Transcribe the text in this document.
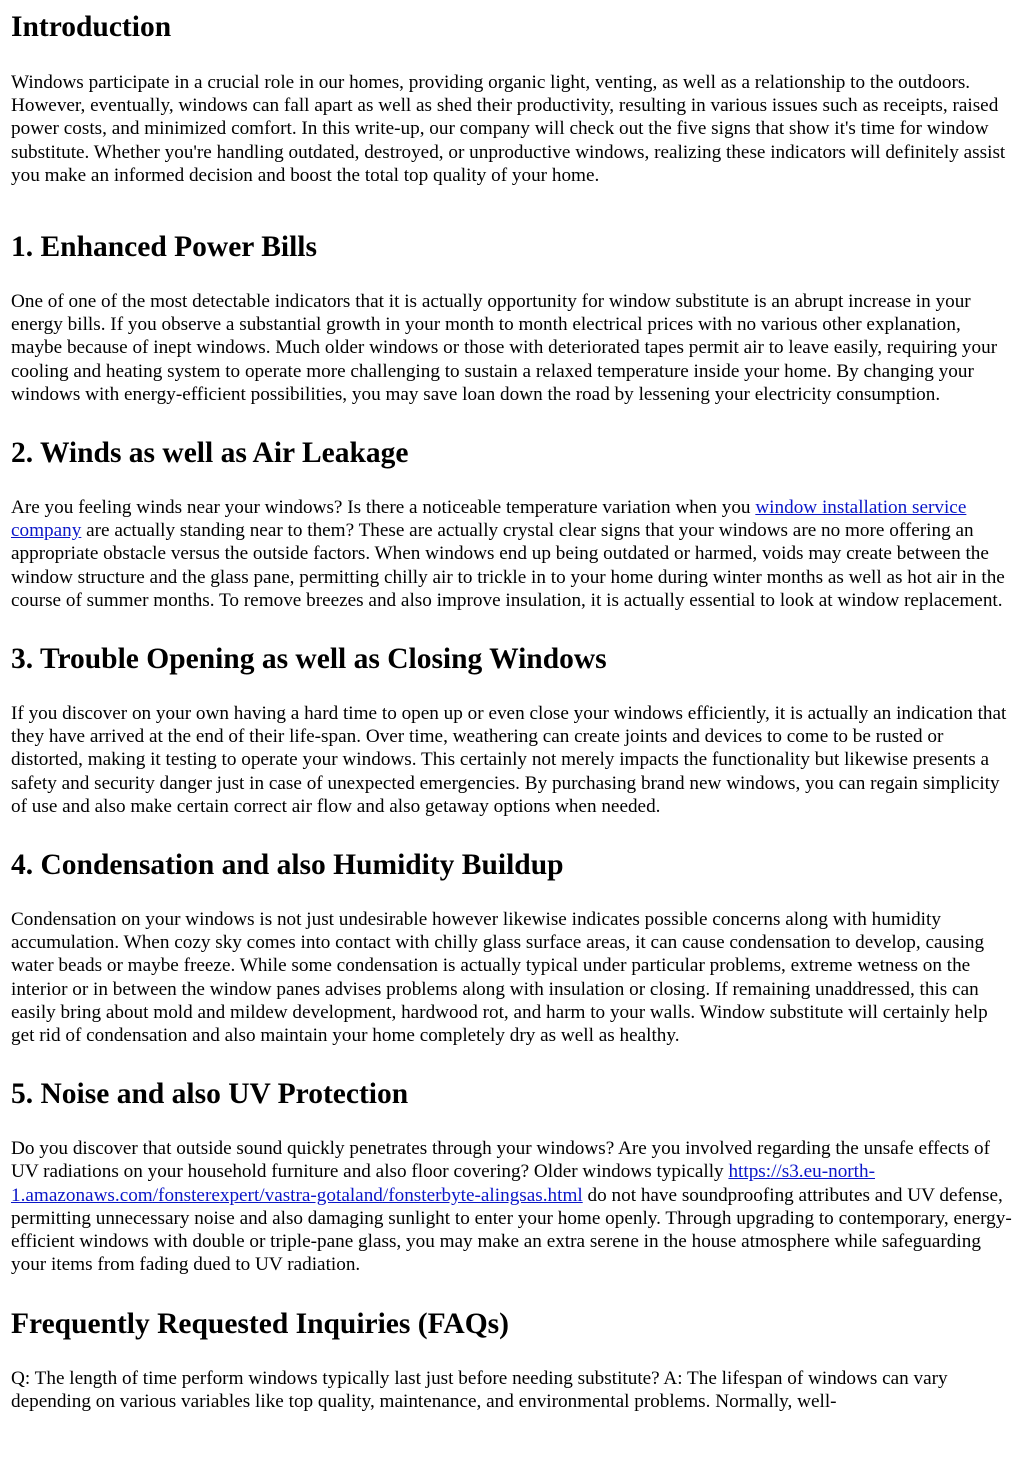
Introduction

Windows participate in a crucial role in our homes, providing organic light, venting, as well as a relationship to the outdoors. However, eventually, windows can fall apart as well as shed their productivity, resulting in various issues such as receipts, raised power costs, and minimized comfort. In this write-up, our company will check out the five signs that show it's time for window substitute. Whether you're handling outdated, destroyed, or unproductive windows, realizing these indicators will definitely assist you make an informed decision and boost the total top quality of your home.

1. Enhanced Power Bills

One of one of the most detectable indicators that it is actually opportunity for window substitute is an abrupt increase in your energy bills. If you observe a substantial growth in your month to month electrical prices with no various other explanation, maybe because of inept windows. Much older windows or those with deteriorated tapes permit air to leave easily, requiring your cooling and heating system to operate more challenging to sustain a relaxed temperature inside your home. By changing your windows with energy-efficient possibilities, you may save loan down the road by lessening your electricity consumption.

2. Winds as well as Air Leakage

Are you feeling winds near your windows? Is there a noticeable temperature variation when you window installation service company are actually standing near to them? These are actually crystal clear signs that your windows are no more offering an appropriate obstacle versus the outside factors. When windows end up being outdated or harmed, voids may create between the window structure and the glass pane, permitting chilly air to trickle in to your home during winter months as well as hot air in the course of summer months. To remove breezes and also improve insulation, it is actually essential to look at window replacement.

3. Trouble Opening as well as Closing Windows

If you discover on your own having a hard time to open up or even close your windows efficiently, it is actually an indication that they have arrived at the end of their life-span. Over time, weathering can create joints and devices to come to be rusted or distorted, making it testing to operate your windows. This certainly not merely impacts the functionality but likewise presents a safety and security danger just in case of unexpected emergencies. By purchasing brand new windows, you can regain simplicity of use and also make certain correct air flow and also getaway options when needed.

4. Condensation and also Humidity Buildup

Condensation on your windows is not just undesirable however likewise indicates possible concerns along with humidity accumulation. When cozy sky comes into contact with chilly glass surface areas, it can cause condensation to develop, causing water beads or maybe freeze. While some condensation is actually typical under particular problems, extreme wetness on the interior or in between the window panes advises problems along with insulation or closing. If remaining unaddressed, this can easily bring about mold and mildew development, hardwood rot, and harm to your walls. Window substitute will certainly help get rid of condensation and also maintain your home completely dry as well as healthy.

5. Noise and also UV Protection

Do you discover that outside sound quickly penetrates through your windows? Are you involved regarding the unsafe effects of UV radiations on your household furniture and also floor covering? Older windows typically https://s3.eu-north-1.amazonaws.com/fonsterexpert/vastra-gotaland/fonsterbyte-alingsas.html do not have soundproofing attributes and UV defense, permitting unnecessary noise and also damaging sunlight to enter your home openly. Through upgrading to contemporary, energy-efficient windows with double or triple-pane glass, you may make an extra serene in the house atmosphere while safeguarding your items from fading dued to UV radiation.

Frequently Requested Inquiries (FAQs)

Q: The length of time perform windows typically last just before needing substitute? A: The lifespan of windows can vary depending on various variables like top quality, maintenance, and environmental problems. Normally, well-
